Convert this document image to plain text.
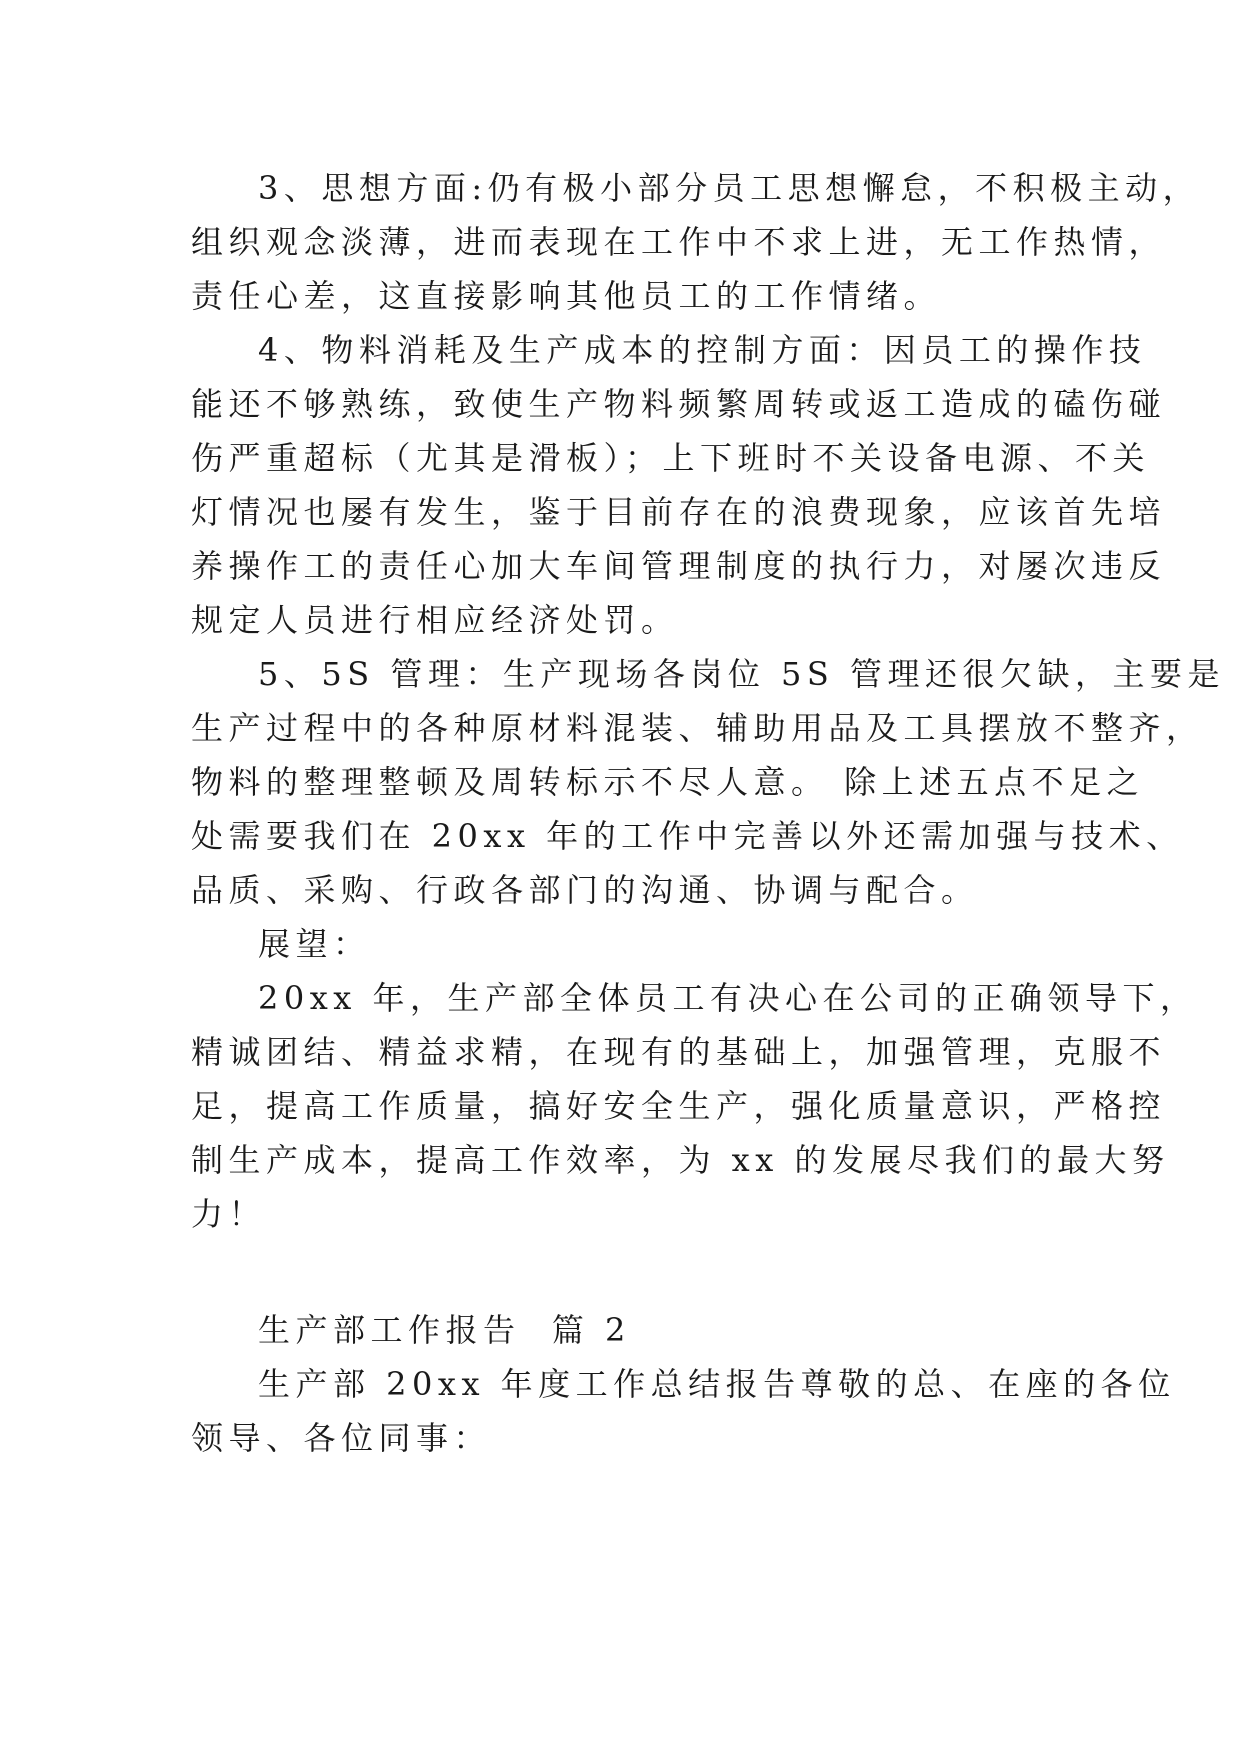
3、思想方面:仍有极小部分员工思想懈怠，不积极主动，
组织观念淡薄，进而表现在工作中不求上进，无工作热情，
责任心差，这直接影响其他员工的工作情绪。
4、物料消耗及生产成本的控制方面：因员工的操作技
能还不够熟练，致使生产物料频繁周转或返工造成的磕伤碰
伤严重超标（尤其是滑板）；上下班时不关设备电源、不关
灯情况也屡有发生，鉴于目前存在的浪费现象，应该首先培
养操作工的责任心加大车间管理制度的执行力，对屡次违反
规定人员进行相应经济处罚。
5、5S 管理：生产现场各岗位 5S 管理还很欠缺，主要是
生产过程中的各种原材料混装、辅助用品及工具摆放不整齐，
物料的整理整顿及周转标示不尽人意。 除上述五点不足之
处需要我们在 20xx 年的工作中完善以外还需加强与技术、
品质、采购、行政各部门的沟通、协调与配合。
展望：
20xx 年，生产部全体员工有决心在公司的正确领导下，
精诚团结、精益求精，在现有的基础上，加强管理，克服不
足，提高工作质量，搞好安全生产，强化质量意识，严格控
制生产成本，提高工作效率，为 xx 的发展尽我们的最大努
力！
生产部工作报告  篇 2
生产部 20xx 年度工作总结报告尊敬的总、在座的各位
领导、各位同事：
